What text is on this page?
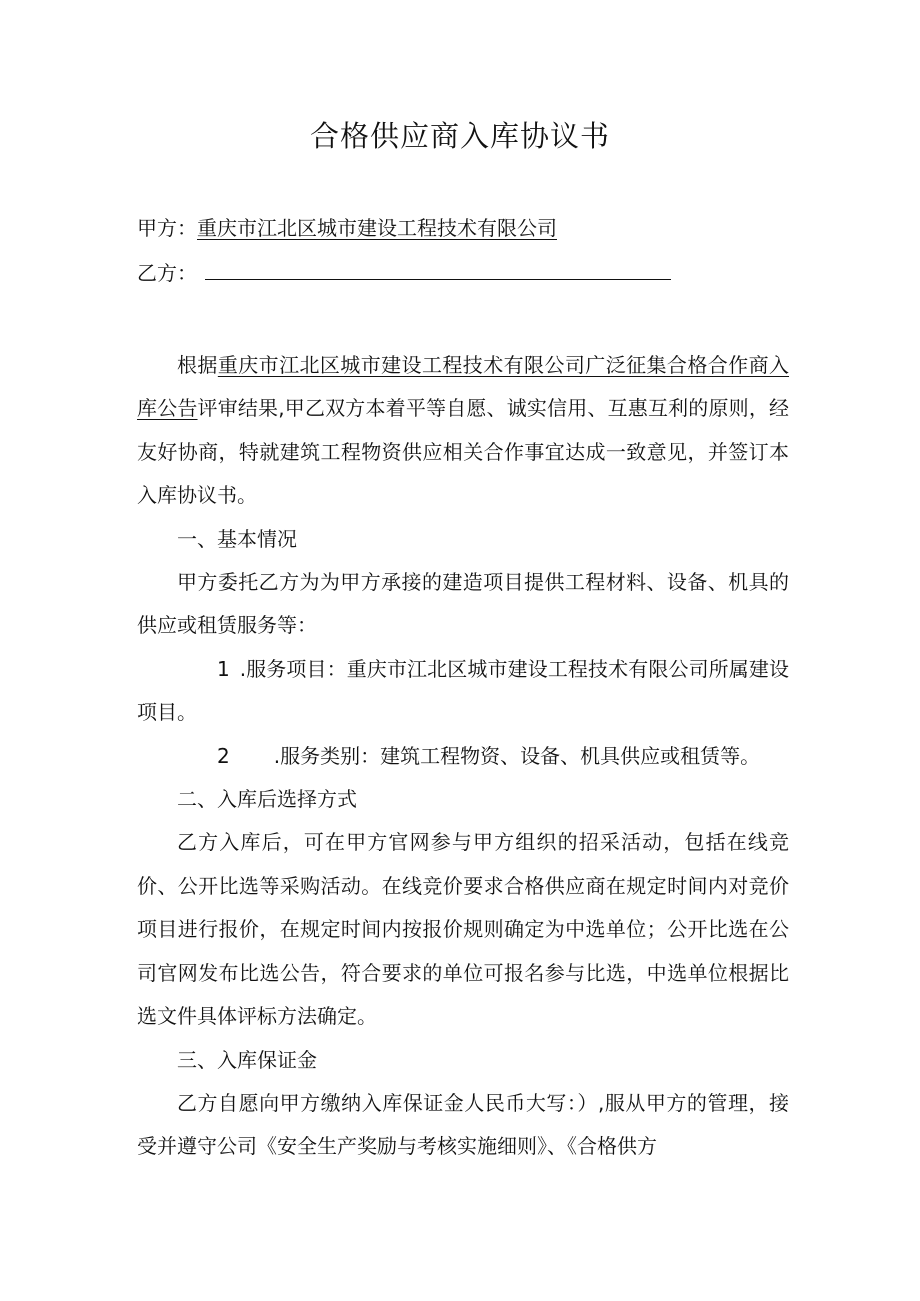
合格供应商入库协议书
甲方：重庆市江北区城市建设工程技术有限公司
乙方：

根据重庆市江北区城市建设工程技术有限公司广泛征集合格合作商入库公告评审结果,甲乙双方本着平等自愿、诚实信用、互惠互利的原则，经友好协商，特就建筑工程物资供应相关合作事宜达成一致意见，并签订本入库协议书。

一、基本情况

甲方委托乙方为为甲方承接的建造项目提供工程材料、设备、机具的供应或租赁服务等：

1 .服务项目：重庆市江北区城市建设工程技术有限公司所属建设项目。

2 .服务类别：建筑工程物资、设备、机具供应或租赁等。

二、入库后选择方式

乙方入库后，可在甲方官网参与甲方组织的招采活动，包括在线竞价、公开比选等采购活动。在线竞价要求合格供应商在规定时间内对竞价项目进行报价，在规定时间内按报价规则确定为中选单位；公开比选在公司官网发布比选公告，符合要求的单位可报名参与比选，中选单位根据比选文件具体评标方法确定。

三、入库保证金

乙方自愿向甲方缴纳入库保证金人民币大写：）,服从甲方的管理，接受并遵守公司《安全生产奖励与考核实施细则》、《合格供方
